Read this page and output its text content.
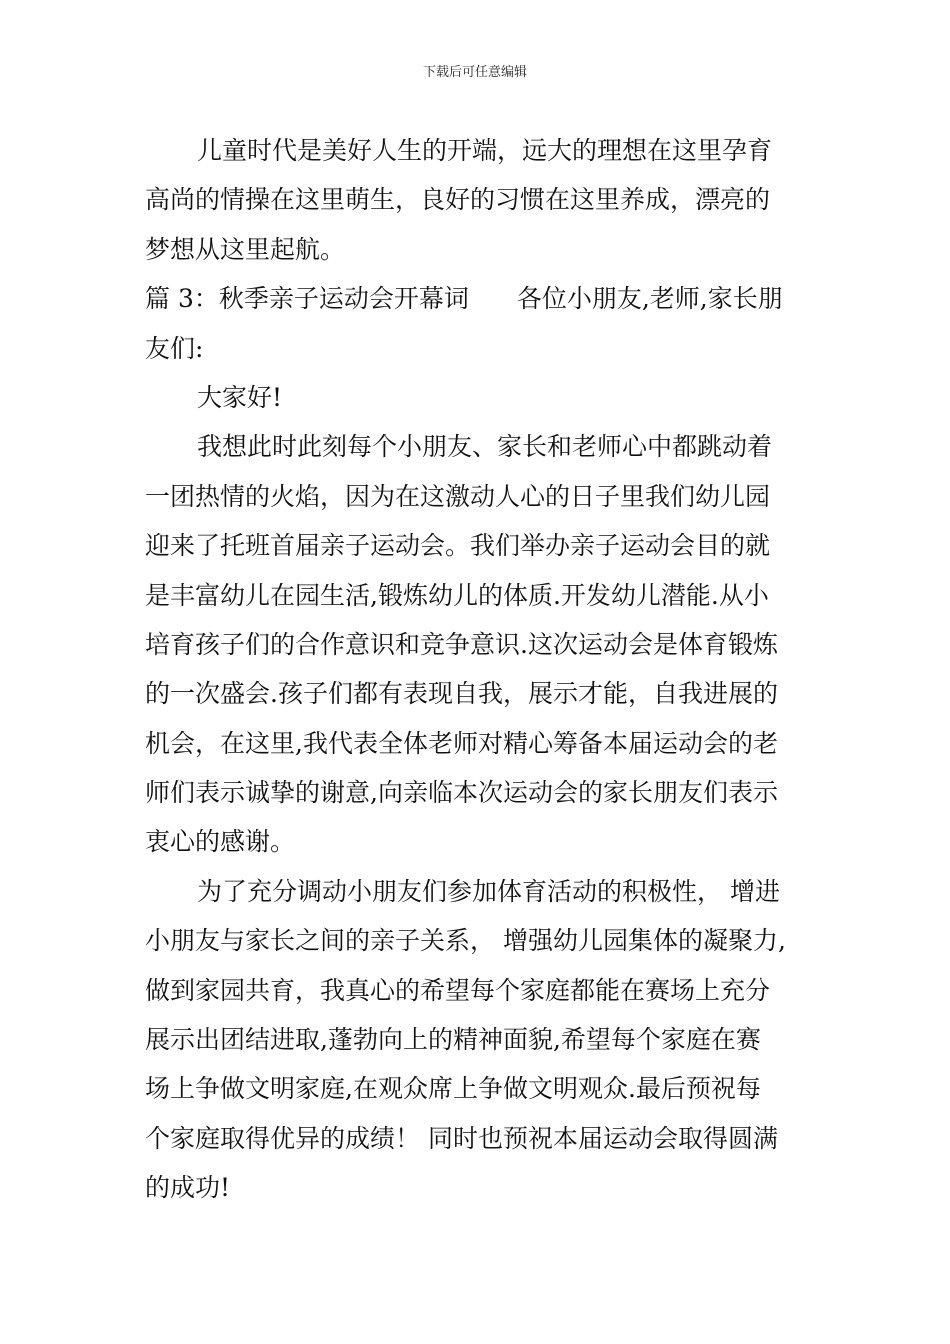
下载后可任意编辑
儿童时代是美好人生的开端，远大的理想在这里孕育
高尚的情操在这里萌生，良好的习惯在这里养成，漂亮的
梦想从这里起航。
篇 3：秋季亲子运动会开幕词 各位小朋友,老师,家长朋
友们:
大家好!
我想此时此刻每个小朋友、家长和老师心中都跳动着
一团热情的火焰，因为在这激动人心的日子里我们幼儿园
迎来了托班首届亲子运动会。我们举办亲子运动会目的就
是丰富幼儿在园生活,锻炼幼儿的体质.开发幼儿潜能.从小
培育孩子们的合作意识和竞争意识.这次运动会是体育锻炼
的一次盛会.孩子们都有表现自我，展示才能，自我进展的
机会，在这里,我代表全体老师对精心筹备本届运动会的老
师们表示诚挚的谢意,向亲临本次运动会的家长朋友们表示
衷心的感谢。
为了充分调动小朋友们参加体育活动的积极性， 增进
小朋友与家长之间的亲子关系， 增强幼儿园集体的凝聚力,
做到家园共育，我真心的希望每个家庭都能在赛场上充分
展示出团结进取,蓬勃向上的精神面貌,希望每个家庭在赛
场上争做文明家庭,在观众席上争做文明观众.最后预祝每
个家庭取得优异的成绩！ 同时也预祝本届运动会取得圆满
的成功!
